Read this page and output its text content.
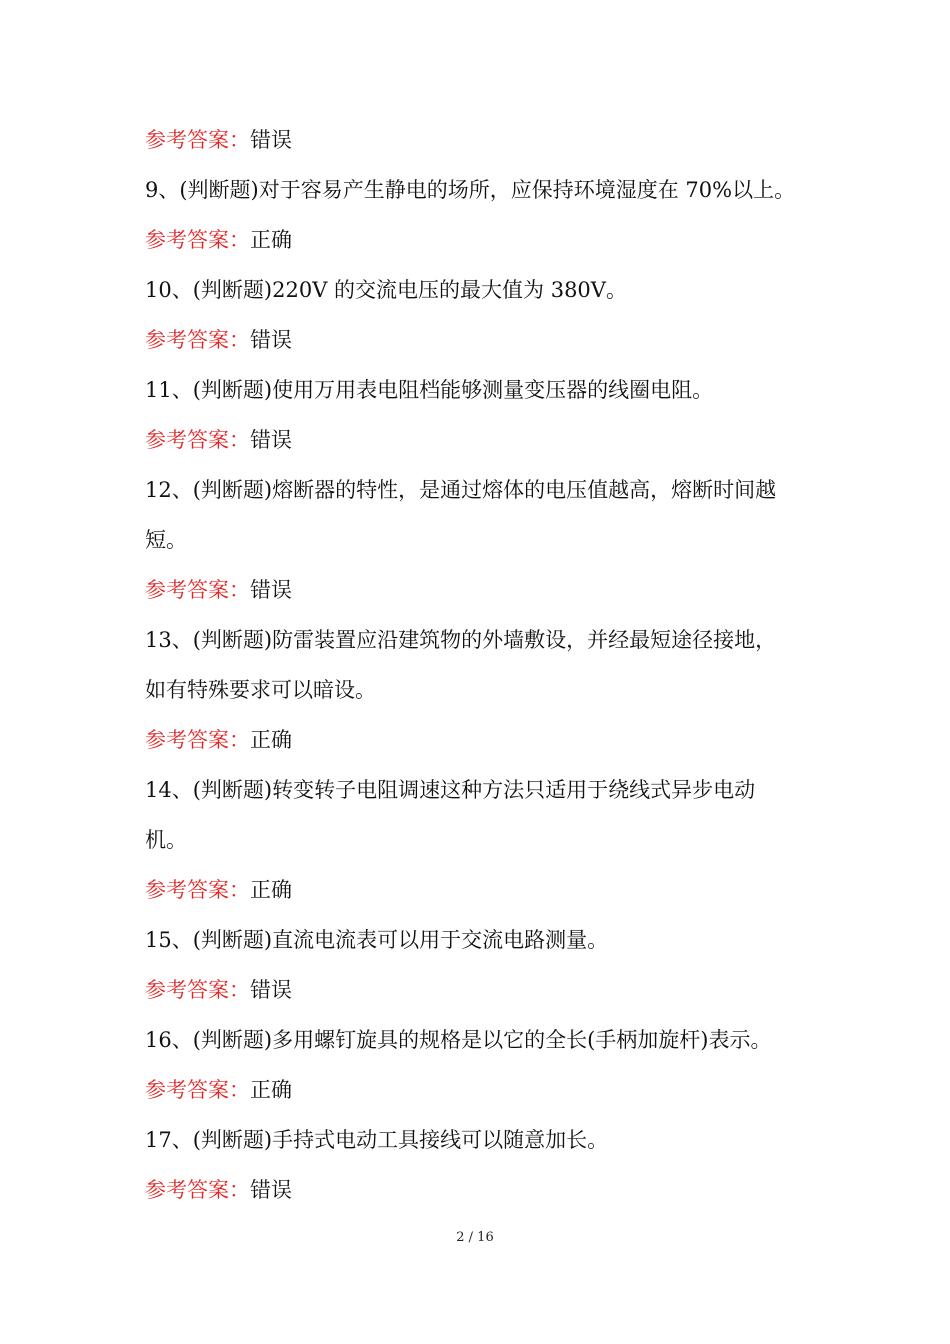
参考答案：错误
9、(判断题)对于容易产生静电的场所，应保持环境湿度在 70%以上。
参考答案：正确
10、(判断题)220V 的交流电压的最大值为 380V。
参考答案：错误
11、(判断题)使用万用表电阻档能够测量变压器的线圈电阻。
参考答案：错误
12、(判断题)熔断器的特性，是通过熔体的电压值越高，熔断时间越
短。
参考答案：错误
13、(判断题)防雷装置应沿建筑物的外墙敷设，并经最短途径接地，
如有特殊要求可以暗设。
参考答案：正确
14、(判断题)转变转子电阻调速这种方法只适用于绕线式异步电动
机。
参考答案：正确
15、(判断题)直流电流表可以用于交流电路测量。
参考答案：错误
16、(判断题)多用螺钉旋具的规格是以它的全长(手柄加旋杆)表示。
参考答案：正确
17、(判断题)手持式电动工具接线可以随意加长。
参考答案：错误
2 / 16
